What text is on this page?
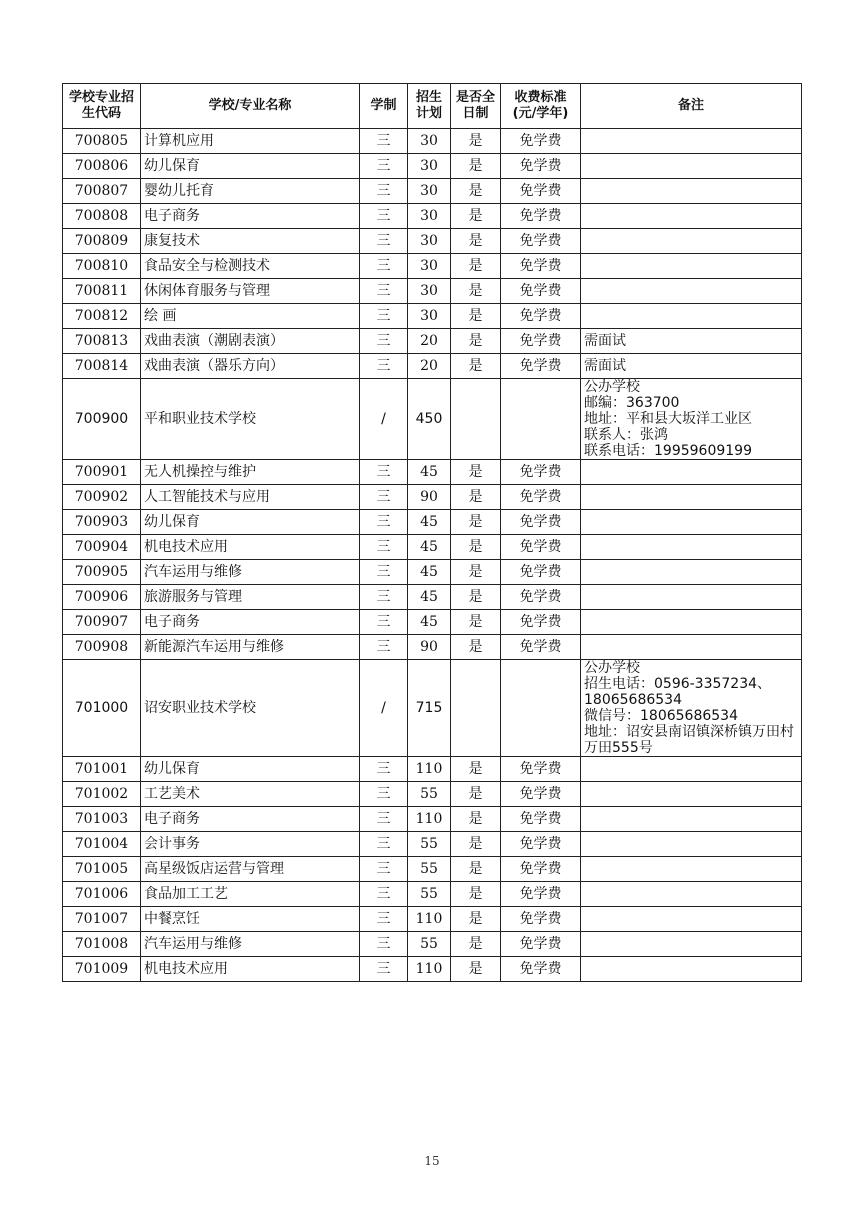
学校专业招生代码	学校/专业名称	学制	招生计划	是否全日制	收费标准(元/学年)	备注
700805	计算机应用	三	30	是	免学费	
700806	幼儿保育	三	30	是	免学费	
700807	婴幼儿托育	三	30	是	免学费	
700808	电子商务	三	30	是	免学费	
700809	康复技术	三	30	是	免学费	
700810	食品安全与检测技术	三	30	是	免学费	
700811	休闲体育服务与管理	三	30	是	免学费	
700812	绘 画	三	30	是	免学费	
700813	戏曲表演（潮剧表演）	三	20	是	免学费	需面试
700814	戏曲表演（器乐方向）	三	20	是	免学费	需面试
700900	平和职业技术学校	/	450			公办学校
邮编：363700
地址：平和县大坂洋工业区
联系人：张鸿
联系电话：19959609199

700901	无人机操控与维护	三	45	是	免学费	
700902	人工智能技术与应用	三	90	是	免学费	
700903	幼儿保育	三	45	是	免学费	
700904	机电技术应用	三	45	是	免学费	
700905	汽车运用与维修	三	45	是	免学费	
700906	旅游服务与管理	三	45	是	免学费	
700907	电子商务	三	45	是	免学费	
700908	新能源汽车运用与维修	三	90	是	免学费	
701000	诏安职业技术学校	/	715			公办学校
招生电话：0596-3357234、18065686534
微信号：18065686534
地址：诏安县南诏镇深桥镇万田村万田555号

701001	幼儿保育	三	110	是	免学费	
701002	工艺美术	三	55	是	免学费	
701003	电子商务	三	110	是	免学费	
701004	会计事务	三	55	是	免学费	
701005	高星级饭店运营与管理	三	55	是	免学费	
701006	食品加工工艺	三	55	是	免学费	
701007	中餐烹饪	三	110	是	免学费	
701008	汽车运用与维修	三	55	是	免学费	
701009	机电技术应用	三	110	是	免学费	
15
